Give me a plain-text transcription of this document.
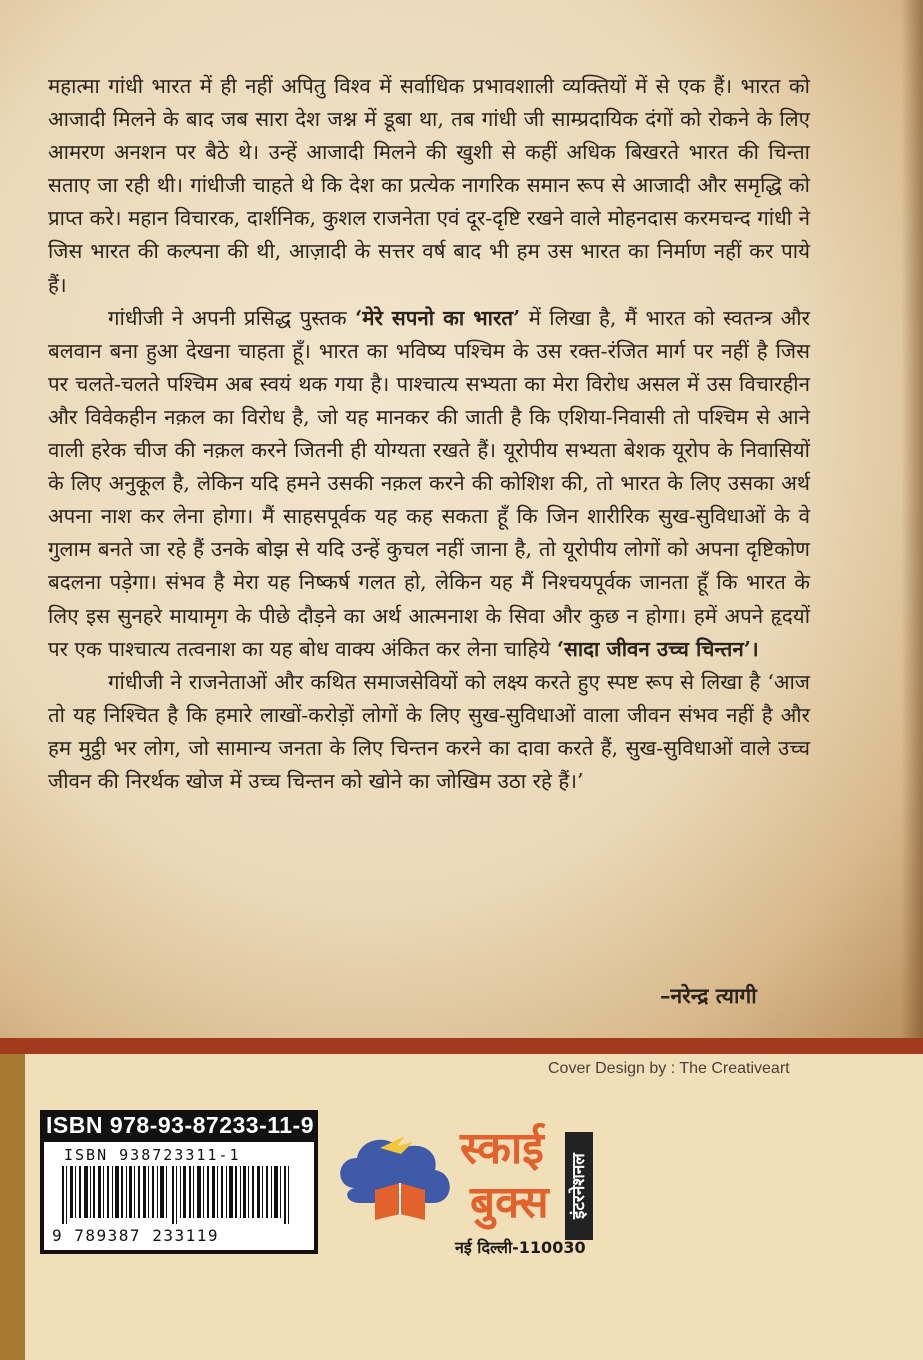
महात्मा गांधी भारत में ही नहीं अपितु विश्व में सर्वाधिक प्रभावशाली व्यक्तियों में से एक हैं। भारत को आजादी मिलने के बाद जब सारा देश जश्न में डूबा था, तब गांधी जी साम्प्रदायिक दंगों को रोकने के लिए आमरण अनशन पर बैठे थे। उन्हें आजादी मिलने की खुशी से कहीं अधिक बिखरते भारत की चिन्ता सताए जा रही थी। गांधीजी चाहते थे कि देश का प्रत्येक नागरिक समान रूप से आजादी और समृद्धि को प्राप्त करे। महान विचारक, दार्शनिक, कुशल राजनेता एवं दूर-दृष्टि रखने वाले मोहनदास करमचन्द गांधी ने जिस भारत की कल्पना की थी, आज़ादी के सत्तर वर्ष बाद भी हम उस भारत का निर्माण नहीं कर पाये हैं।

गांधीजी ने अपनी प्रसिद्ध पुस्तक ‘मेरे सपनो का भारत’ में लिखा है, मैं भारत को स्वतन्त्र और बलवान बना हुआ देखना चाहता हूँ। भारत का भविष्य पश्चिम के उस रक्त-रंजित मार्ग पर नहीं है जिस पर चलते-चलते पश्चिम अब स्वयं थक गया है। पाश्चात्य सभ्यता का मेरा विरोध असल में उस विचारहीन और विवेकहीन नक़ल का विरोध है, जो यह मानकर की जाती है कि एशिया-निवासी तो पश्चिम से आने वाली हरेक चीज की नक़ल करने जितनी ही योग्यता रखते हैं। यूरोपीय सभ्यता बेशक यूरोप के निवासियों के लिए अनुकूल है, लेकिन यदि हमने उसकी नक़ल करने की कोशिश की, तो भारत के लिए उसका अर्थ अपना नाश कर लेना होगा। मैं साहसपूर्वक यह कह सकता हूँ कि जिन शारीरिक सुख-सुविधाओं के वे गुलाम बनते जा रहे हैं उनके बोझ से यदि उन्हें कुचल नहीं जाना है, तो यूरोपीय लोगों को अपना दृष्टिकोण बदलना पड़ेगा। संभव है मेरा यह निष्कर्ष गलत हो, लेकिन यह मैं निश्चयपूर्वक जानता हूँ कि भारत के लिए इस सुनहरे मायामृग के पीछे दौड़ने का अर्थ आत्मनाश के सिवा और कुछ न होगा। हमें अपने हृदयों पर एक पाश्चात्य तत्वनाश का यह बोध वाक्य अंकित कर लेना चाहिये ‘सादा जीवन उच्च चिन्तन’।

गांधीजी ने राजनेताओं और कथित समाजसेवियों को लक्ष्य करते हुए स्पष्ट रूप से लिखा है ‘आज तो यह निश्चित है कि हमारे लाखों-करोड़ों लोगों के लिए सुख-सुविधाओं वाला जीवन संभव नहीं है और हम मुट्ठी भर लोग, जो सामान्य जनता के लिए चिन्तन करने का दावा करते हैं, सुख-सुविधाओं वाले उच्च जीवन की निरर्थक खोज में उच्च चिन्तन को खोने का जोखिम उठा रहे हैं।’

–नरेन्द्र त्यागी
Cover Design by : The Creativeart
ISBN 978-93-87233-11-9
ISBN 938723311-1
9 789387 233119
स्काई
बुक्स इंटरनेशनल
नई दिल्ली-110030
